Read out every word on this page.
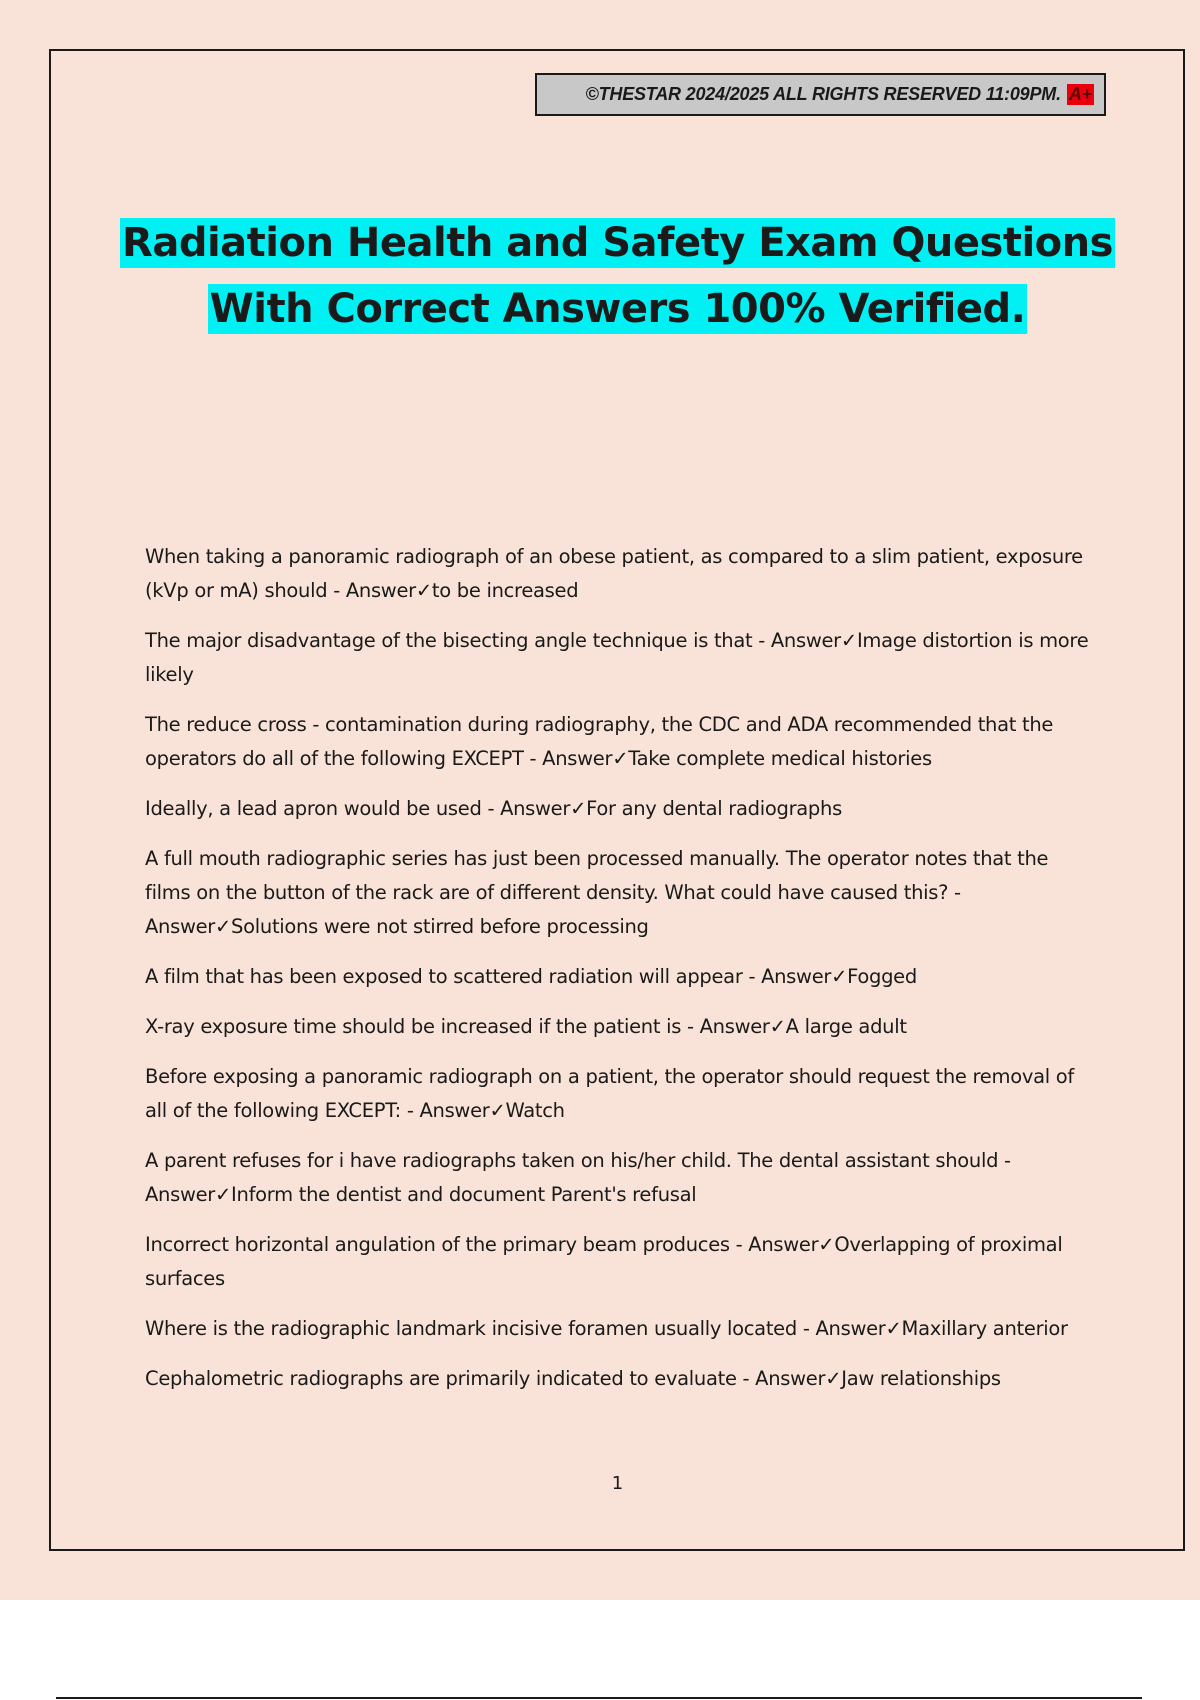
©THESTAR 2024/2025 ALL RIGHTS RESERVED 11:09PM. A+
Radiation Health and Safety Exam Questions
With Correct Answers 100% Verified.
When taking a panoramic radiograph of an obese patient, as compared to a slim patient, exposure (kVp or mA) should - Answer✓to be increased
The major disadvantage of the bisecting angle technique is that - Answer✓Image distortion is more likely
The reduce cross - contamination during radiography, the CDC and ADA recommended that the operators do all of the following EXCEPT - Answer✓Take complete medical histories
Ideally, a lead apron would be used - Answer✓For any dental radiographs
A full mouth radiographic series has just been processed manually. The operator notes that the films on the button of the rack are of different density. What could have caused this? - Answer✓Solutions were not stirred before processing
A film that has been exposed to scattered radiation will appear - Answer✓Fogged
X-ray exposure time should be increased if the patient is - Answer✓A large adult
Before exposing a panoramic radiograph on a patient, the operator should request the removal of all of the following EXCEPT: - Answer✓Watch
A parent refuses for i have radiographs taken on his/her child. The dental assistant should - Answer✓Inform the dentist and document Parent's refusal
Incorrect horizontal angulation of the primary beam produces - Answer✓Overlapping of proximal surfaces
Where is the radiographic landmark incisive foramen usually located - Answer✓Maxillary anterior
Cephalometric radiographs are primarily indicated to evaluate - Answer✓Jaw relationships
1
